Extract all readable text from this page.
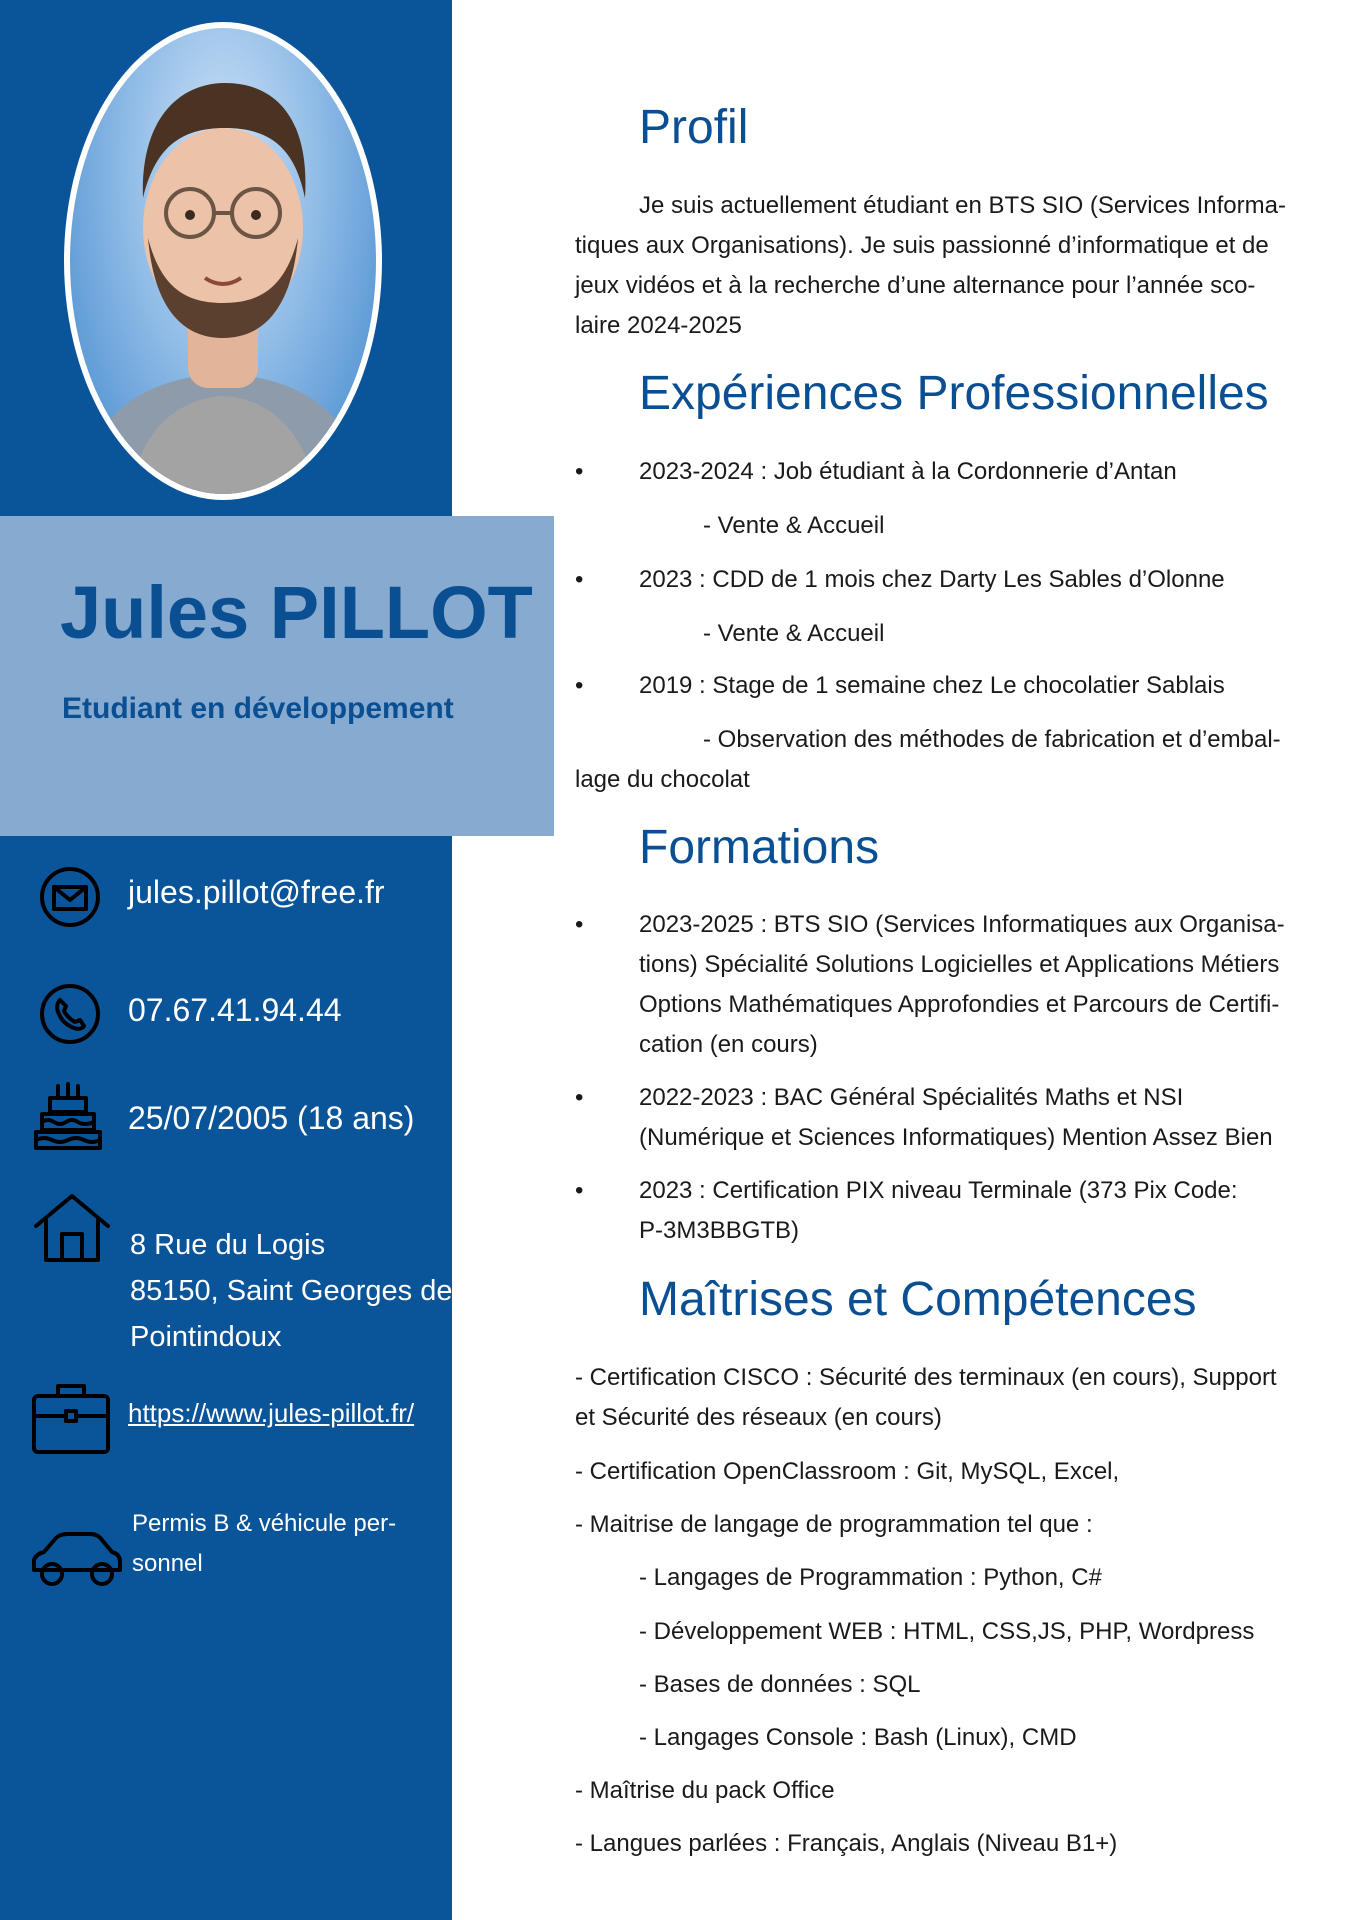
Jules PILLOT
Etudiant en développement
jules.pillot@free.fr
07.67.41.94.44
25/07/2005 (18 ans)
8 Rue du Logis
85150, Saint Georges de
Pointindoux
https://www.jules-pillot.fr/
Permis B & véhicule per-
sonnel
Profil
Je suis actuellement étudiant en BTS SIO (Services Informa-
tiques aux Organisations). Je suis passionné d’informatique et de
jeux vidéos et à la recherche d’une alternance pour l’année sco-
laire 2024-2025
Expériences Professionnelles
• 2023-2024 : Job étudiant à la Cordonnerie d’Antan
- Vente & Accueil
• 2023 : CDD de 1 mois chez Darty Les Sables d’Olonne
- Vente & Accueil
• 2019 : Stage de 1 semaine chez Le chocolatier Sablais
- Observation des méthodes de fabrication et d’embal-
lage du chocolat
Formations
• 2023-2025 : BTS SIO (Services Informatiques aux Organisa-
tions) Spécialité Solutions Logicielles et Applications Métiers
Options Mathématiques Approfondies et Parcours de Certifi-
cation (en cours)
• 2022-2023 : BAC Général Spécialités Maths et NSI
(Numérique et Sciences Informatiques) Mention Assez Bien
• 2023 : Certification PIX niveau Terminale (373 Pix Code:
P-3M3BBGTB)
Maîtrises et Compétences
- Certification CISCO : Sécurité des terminaux (en cours), Support
et Sécurité des réseaux (en cours)
- Certification OpenClassroom : Git, MySQL, Excel,
- Maitrise de langage de programmation tel que :
- Langages de Programmation : Python, C#
- Développement WEB : HTML, CSS,JS, PHP, Wordpress
- Bases de données : SQL
- Langages Console : Bash (Linux), CMD
- Maîtrise du pack Office
- Langues parlées : Français, Anglais (Niveau B1+)
